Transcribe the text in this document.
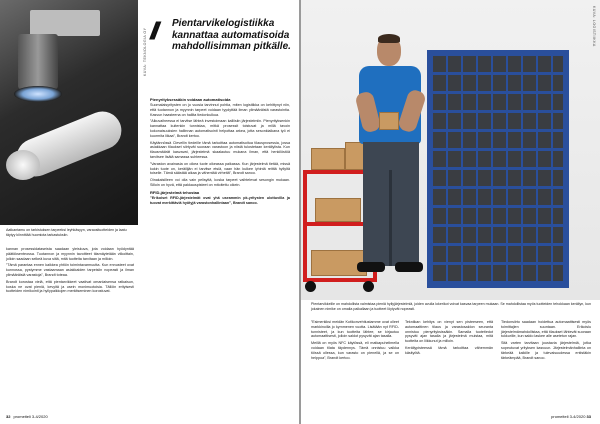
Aatkantamu on tarkistuksen tarpeeksi leyhkäsyyn, varaosituotteiden ja laatu täytyy kiinnittää huomiota tarkastuksiin.
KUVA: TEKNOLOGIA OY // Pientarvikelogistiikka kannattaa automatisoida mahdollisimman pitkälle.

kannan prosessidataseista saadaan yleiskuva, jota voidaan hyödyntää päätöksenteossa. Tuotannon ja myynnin tavoitteet täsmäytetään viikoittain, jolloin saadaan selkeä kuva siitä, mitä tuotteita tarvitaan ja milloin.

”Tämä parantaa ennen kaikkea yhtiön toimintavarmuutta. Kun ennusteet ovat kunnossa, pystymme vastaamaan asiakkaiden tarpeisiin nopeasti ja ilman ylimääräisiä varastoja”, Brandt toteaa.

Brandt korostaa vielä, että pientarvikkeet vaativat omanlaisensa ratkaisun, koska ne ovat pieniä, kevyitä ja usein monimuotoisia. Tällöin erityisesti tuotteiden nimikointi ja hyllypaikkojen merkitseminen korostuvat.

Pienyrityksessäkin voidaan automatisoida

Suomalaisyritysten on jo vuosia tarvinnut pohtia, miten logistiikka on kehittynyt niin, että tuotannon ja myynnin tarpeet voidaan tyydyttää ilman ylimääräistä varastointia. Kasvun haasteena on hallita tiedonkulkua.

”Alkuvaiheessa ei tarvitse lähteä investoimaan kalliisiin järjestelmiin. Pienyrityksenkin kannattaa kuitenkin tunnistaa, mitkä prosessit toistuvat ja millä tavoin kokonaisuuksien hallinnan automatisointi helpottaa arkea, jotta sesonkiaikana työ ei kuormita liikaa”, Brandt kertoo.

Käytännössä Clevellin tiedeille tämä tarkoittaa automatisoitua tilausprosessia, jossa asiakkaan tilaukset siirtyvät suoraan varastoon ja niistä tulostetaan keräilylista. Kun tilausmäärät kasvavat, järjestelmä skaalautuu mukana ilman, että henkilöstöä tarvitsee lisätä samassa suhteessa.

”Varaston avainasia on oikea tuote oikeassa paikassa. Kun järjestelmä tietää, missä kukin tuote on, keräilijän ei tarvitse etsiä, vaan hän kulkee lyhintä reittiä hyllyltä toiselle. Tämä säästää aikaa ja vähentää virheitä”, Brandt sanoo.

Oinakaisilleen voi olla vain pelisyitä, koska tarpeet vaihtelevat sesongin mukaan. Silloin on hyvä, että pakkauspisteet on mitoitettu oikein.

RFID-järjestelmä tehostaa

”Erikoiset RFID-järjestelmät ovat yhä useammin pk-yritysten ulottuvilla ja tuovat merkittäviä hyötyjä varastonhallintaan”, Brandt sanoo.

32 promeiteli 3-4/2020
KUVA: LOGISTIIKKA
Pientarvikkeille on mahdollista valmistaa pieniä hyllyjärjestelmiä, joiden avulla lokerikot voivat kasvaa tarpeen mukaan. Se mahdollistaa myös tuotteiden tehokkaan keräilyn, kun jokainen nimike on omalla paikallaan ja tuotteet löytyvät nopeasti.

”Esimerkiksi meidän Kotikonvehtiustamme ovat olleet markkinoilla jo kymmenen vuotta. Lisätään nyt RFID-tunnisteet, ja kun tuotteita lähtee, se kirjautuu automaattisesti, jolloin saldot pysyvät ajan tasalla.

Meillä on myös NFC käytössä, eli matkapuhelimella voidaan tilata täydennys. Tämä onnistuu vaikka töissä ollessa, kun varasto on pienellä, ja se on helppoa”, Brandt kertoo.

Tekniikan kehitys on vienyt sen pisteeseen, että automaattinen tilaus ja varastosaldon seuranta onnistuu pienyrityksissäkin. Samalla tuotetiedot pysyvät ajan tasalla ja järjestelmä muistaa, mitä tuotteita on liikkunut ja milloin.

Keräilypisteessä tämä tarkoittaa vähemmän käsityötä.

Tiedonsiirto saadaan hoidettua automaattisesti myös toimittajien suuntaan. Erikoislu järjestelmämahdollistaa, että tilaukset lähtevät suoraan tukkurille, kun saldo laskee alle asetetun rajan.

Sitä varten tarvitaan joustavia järjestelmiä, jotka sopeutuvat yrityksen kasvuun. Järjestelmänhallinta on tärkeää kaikille ja tulevaisuudessa entistäkin tärkeämpää, Brandt sanoo.

promeiteli 3-4/2020 33
